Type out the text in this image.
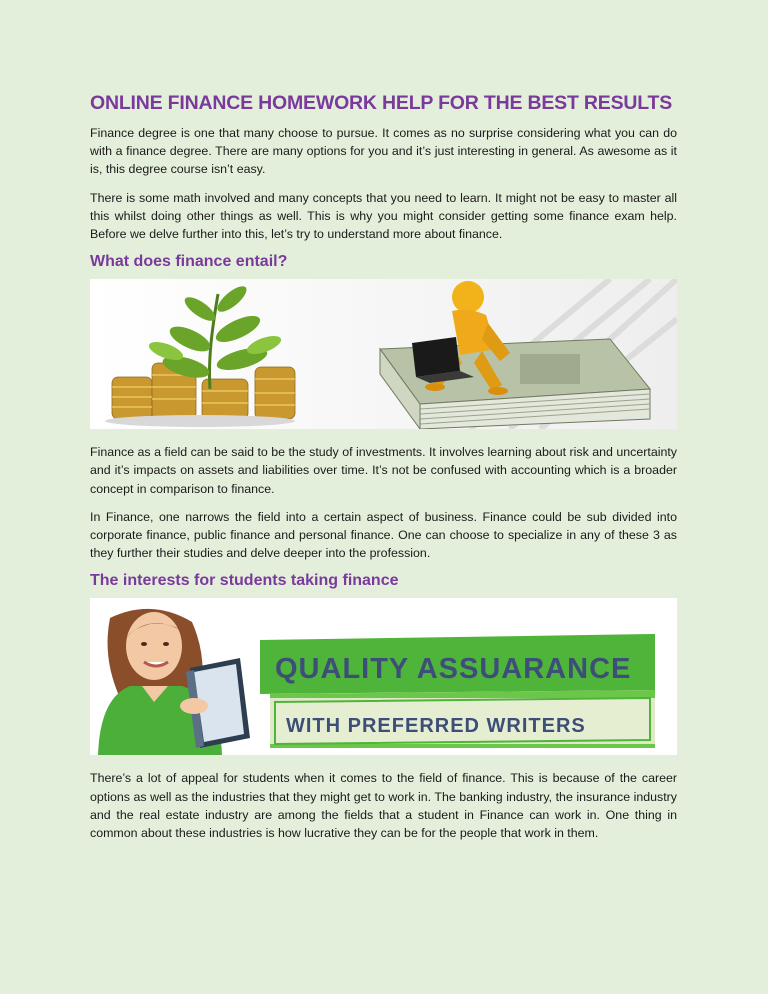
ONLINE FINANCE HOMEWORK HELP FOR THE BEST RESULTS

Finance degree is one that many choose to pursue. It comes as no surprise considering what you can do with a finance degree. There are many options for you and it’s just interesting in general. As awesome as it is, this degree course isn’t easy.

There is some math involved and many concepts that you need to learn. It might not be easy to master all this whilst doing other things as well. This is why you might consider getting some finance exam help. Before we delve further into this, let’s try to understand more about finance.

What does finance entail?

Finance as a field can be said to be the study of investments. It involves learning about risk and uncertainty and it’s impacts on assets and liabilities over time. It’s not be confused with accounting which is a broader concept in comparison to finance.

In Finance, one narrows the field into a certain aspect of business. Finance could be sub divided into corporate finance, public finance and personal finance. One can choose to specialize in any of these 3 as they further their studies and delve deeper into the profession.

The interests for students taking finance
QUALITY ASSUARANCE
WITH PREFERRED WRITERS

There’s a lot of appeal for students when it comes to the field of finance. This is because of the career options as well as the industries that they might get to work in. The banking industry, the insurance industry and the real estate industry are among the fields that a student in Finance can work in. One thing in common about these industries is how lucrative they can be for the people that work in them.
